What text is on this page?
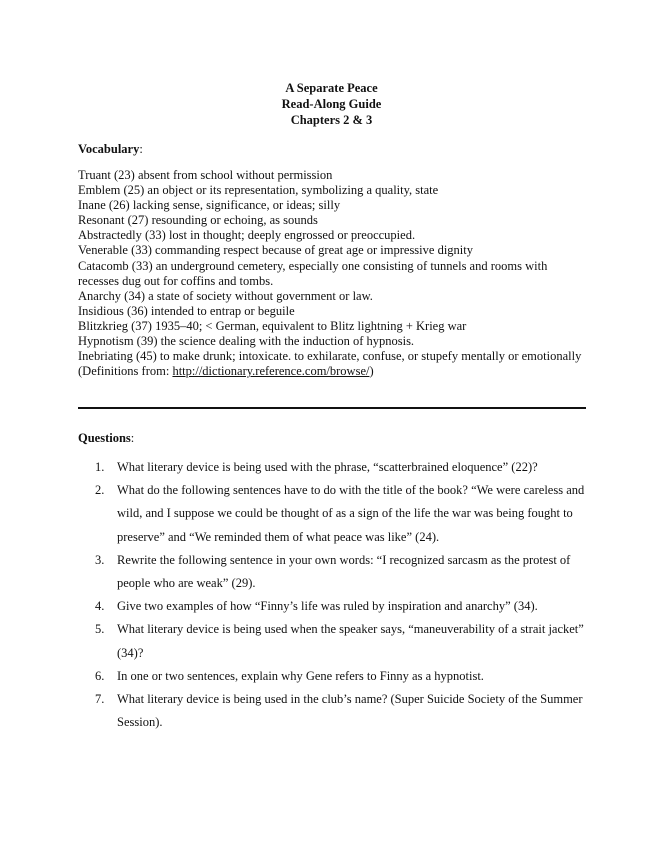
A Separate Peace
Read-Along Guide
Chapters 2 & 3
Vocabulary:
Truant (23) absent from school without permission
Emblem (25) an object or its representation, symbolizing a quality, state
Inane (26) lacking sense, significance, or ideas; silly
Resonant (27) resounding or echoing, as sounds
Abstractedly (33) lost in thought; deeply engrossed or preoccupied.
Venerable (33) commanding respect because of great age or impressive dignity
Catacomb (33) an underground cemetery, especially one consisting of tunnels and rooms with recesses dug out for coffins and tombs.
Anarchy (34) a state of society without government or law.
Insidious (36) intended to entrap or beguile
Blitzkrieg (37) 1935–40; < German, equivalent to Blitz lightning + Krieg war
Hypnotism (39) the science dealing with the induction of hypnosis.
Inebriating (45) to make drunk; intoxicate. to exhilarate, confuse, or stupefy mentally or emotionally
(Definitions from: http://dictionary.reference.com/browse/)
Questions:
1. What literary device is being used with the phrase, “scatterbrained eloquence” (22)?
2. What do the following sentences have to do with the title of the book? “We were careless and wild, and I suppose we could be thought of as a sign of the life the war was being fought to preserve” and “We reminded them of what peace was like” (24).
3. Rewrite the following sentence in your own words: “I recognized sarcasm as the protest of people who are weak” (29).
4. Give two examples of how “Finny’s life was ruled by inspiration and anarchy” (34).
5. What literary device is being used when the speaker says, “maneuverability of a strait jacket” (34)?
6. In one or two sentences, explain why Gene refers to Finny as a hypnotist.
7. What literary device is being used in the club’s name? (Super Suicide Society of the Summer Session).
